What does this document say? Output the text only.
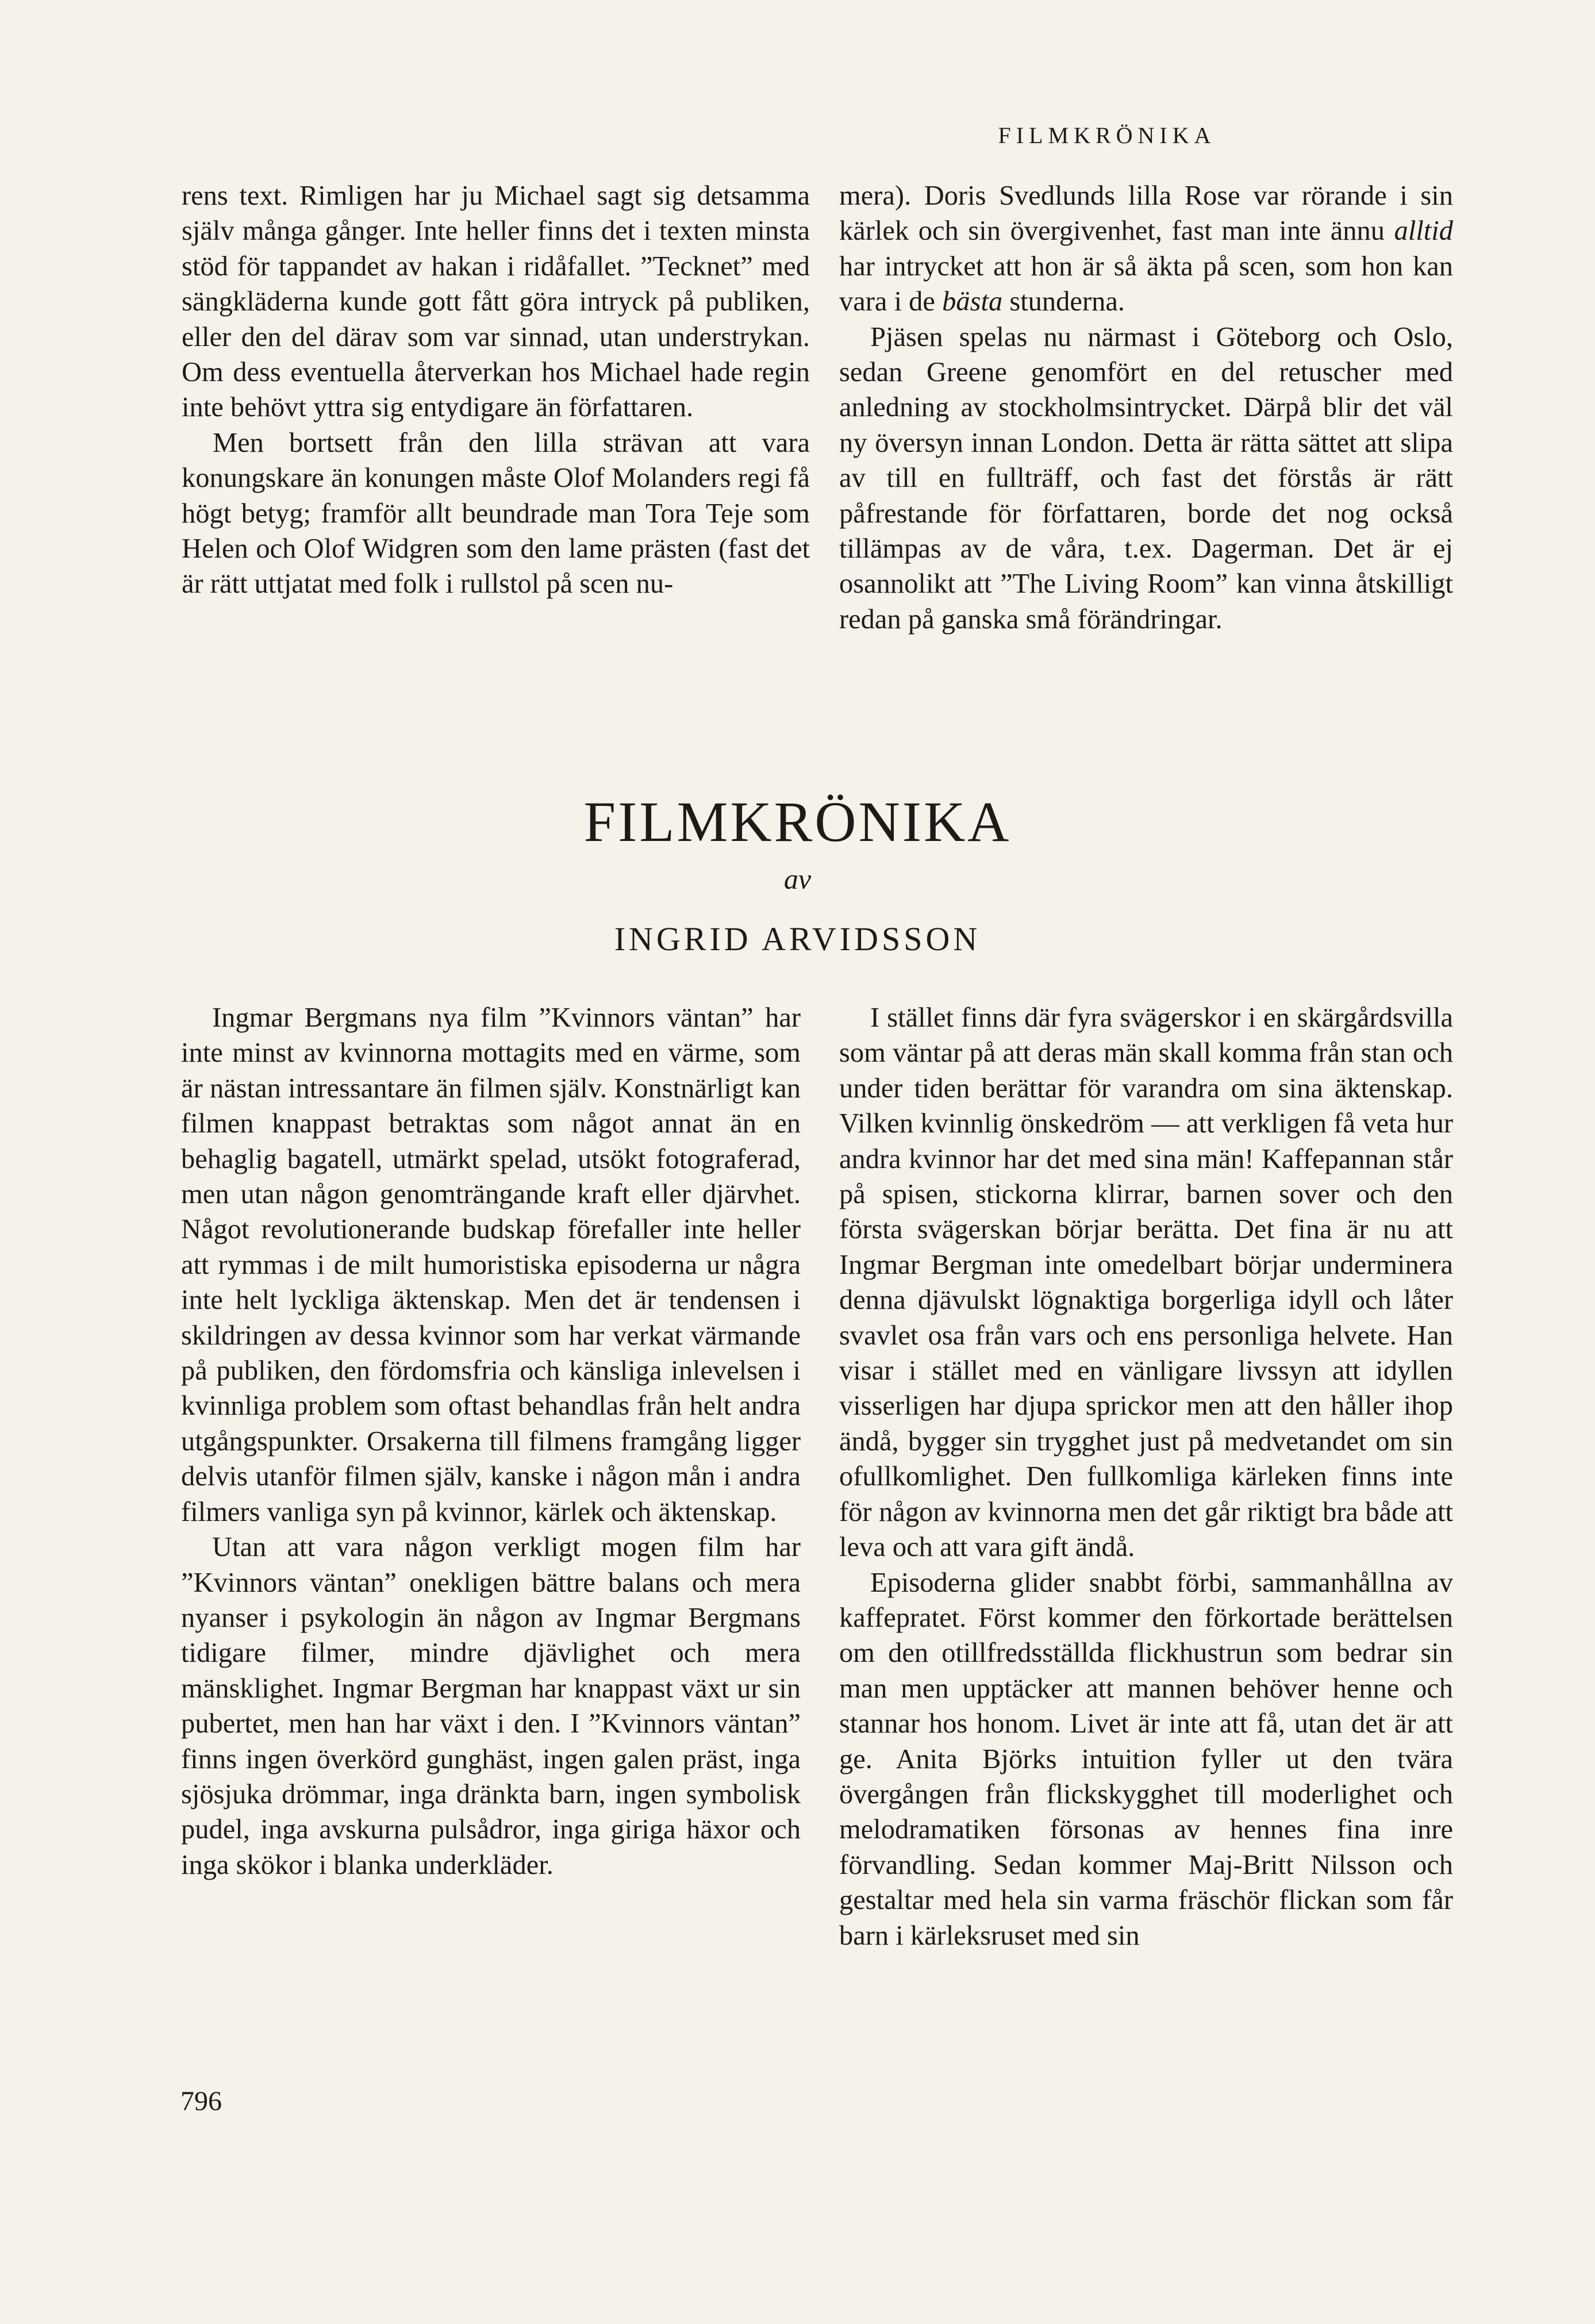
FILMKRÖNIKA

rens text. Rimligen har ju Michael sagt sig detsamma själv många gånger. Inte heller finns det i texten minsta stöd för tappandet av hakan i ridåfallet. ”Tecknet” med sängkläderna kunde gott fått göra intryck på publiken, eller den del därav som var sinnad, utan understrykan. Om dess eventuella återverkan hos Michael hade regin inte behövt yttra sig entydigare än författaren.

Men bortsett från den lilla strävan att vara konungskare än konungen måste Olof Molanders regi få högt betyg; framför allt beundrade man Tora Teje som Helen och Olof Widgren som den lame prästen (fast det är rätt uttjatat med folk i rullstol på scen nu-

mera). Doris Svedlunds lilla Rose var rörande i sin kärlek och sin övergivenhet, fast man inte ännu alltid har intrycket att hon är så äkta på scen, som hon kan vara i de bästa stunderna.

Pjäsen spelas nu närmast i Göteborg och Oslo, sedan Greene genomfört en del retuscher med anledning av stockholmsintrycket. Därpå blir det väl ny översyn innan London. Detta är rätta sättet att slipa av till en fullträff, och fast det förstås är rätt påfrestande för författaren, borde det nog också tillämpas av de våra, t.ex. Dagerman. Det är ej osannolikt att ”The Living Room” kan vinna åtskilligt redan på ganska små förändringar.

FILMKRÖNIKA
av
INGRID ARVIDSSON

Ingmar Bergmans nya film ”Kvinnors väntan” har inte minst av kvinnorna mottagits med en värme, som är nästan intressantare än filmen själv. Konstnärligt kan filmen knappast betraktas som något annat än en behaglig bagatell, utmärkt spelad, utsökt fotograferad, men utan någon genomträngande kraft eller djärvhet. Något revolutionerande budskap förefaller inte heller att rymmas i de milt humoristiska episoderna ur några inte helt lyckliga äktenskap. Men det är tendensen i skildringen av dessa kvinnor som har verkat värmande på publiken, den fördomsfria och känsliga inlevelsen i kvinnliga problem som oftast behandlas från helt andra utgångspunkter. Orsakerna till filmens framgång ligger delvis utanför filmen själv, kanske i någon mån i andra filmers vanliga syn på kvinnor, kärlek och äktenskap.

Utan att vara någon verkligt mogen film har ”Kvinnors väntan” onekligen bättre balans och mera nyanser i psykologin än någon av Ingmar Bergmans tidigare filmer, mindre djävlighet och mera mänsklighet. Ingmar Bergman har knappast växt ur sin pubertet, men han har växt i den. I ”Kvinnors väntan” finns ingen överkörd gunghäst, ingen galen präst, inga sjösjuka drömmar, inga dränkta barn, ingen symbolisk pudel, inga avskurna pulsådror, inga giriga häxor och inga skökor i blanka underkläder.

I stället finns där fyra svägerskor i en skärgårdsvilla som väntar på att deras män skall komma från stan och under tiden berättar för varandra om sina äktenskap. Vilken kvinnlig önskedröm — att verkligen få veta hur andra kvinnor har det med sina män! Kaffepannan står på spisen, stickorna klirrar, barnen sover och den första svägerskan börjar berätta. Det fina är nu att Ingmar Bergman inte omedelbart börjar underminera denna djävulskt lögnaktiga borgerliga idyll och låter svavlet osa från vars och ens personliga helvete. Han visar i stället med en vänligare livssyn att idyllen visserligen har djupa sprickor men att den håller ihop ändå, bygger sin trygghet just på medvetandet om sin ofullkomlighet. Den fullkomliga kärleken finns inte för någon av kvinnorna men det går riktigt bra både att leva och att vara gift ändå.

Episoderna glider snabbt förbi, sammanhållna av kaffepratet. Först kommer den förkortade berättelsen om den otillfredsställda flickhustrun som bedrar sin man men upptäcker att mannen behöver henne och stannar hos honom. Livet är inte att få, utan det är att ge. Anita Björks intuition fyller ut den tvära övergången från flickskygghet till moderlighet och melodramatiken försonas av hennes fina inre förvandling. Sedan kommer Maj-Britt Nilsson och gestaltar med hela sin varma fräschör flickan som får barn i kärleksruset med sin

796
